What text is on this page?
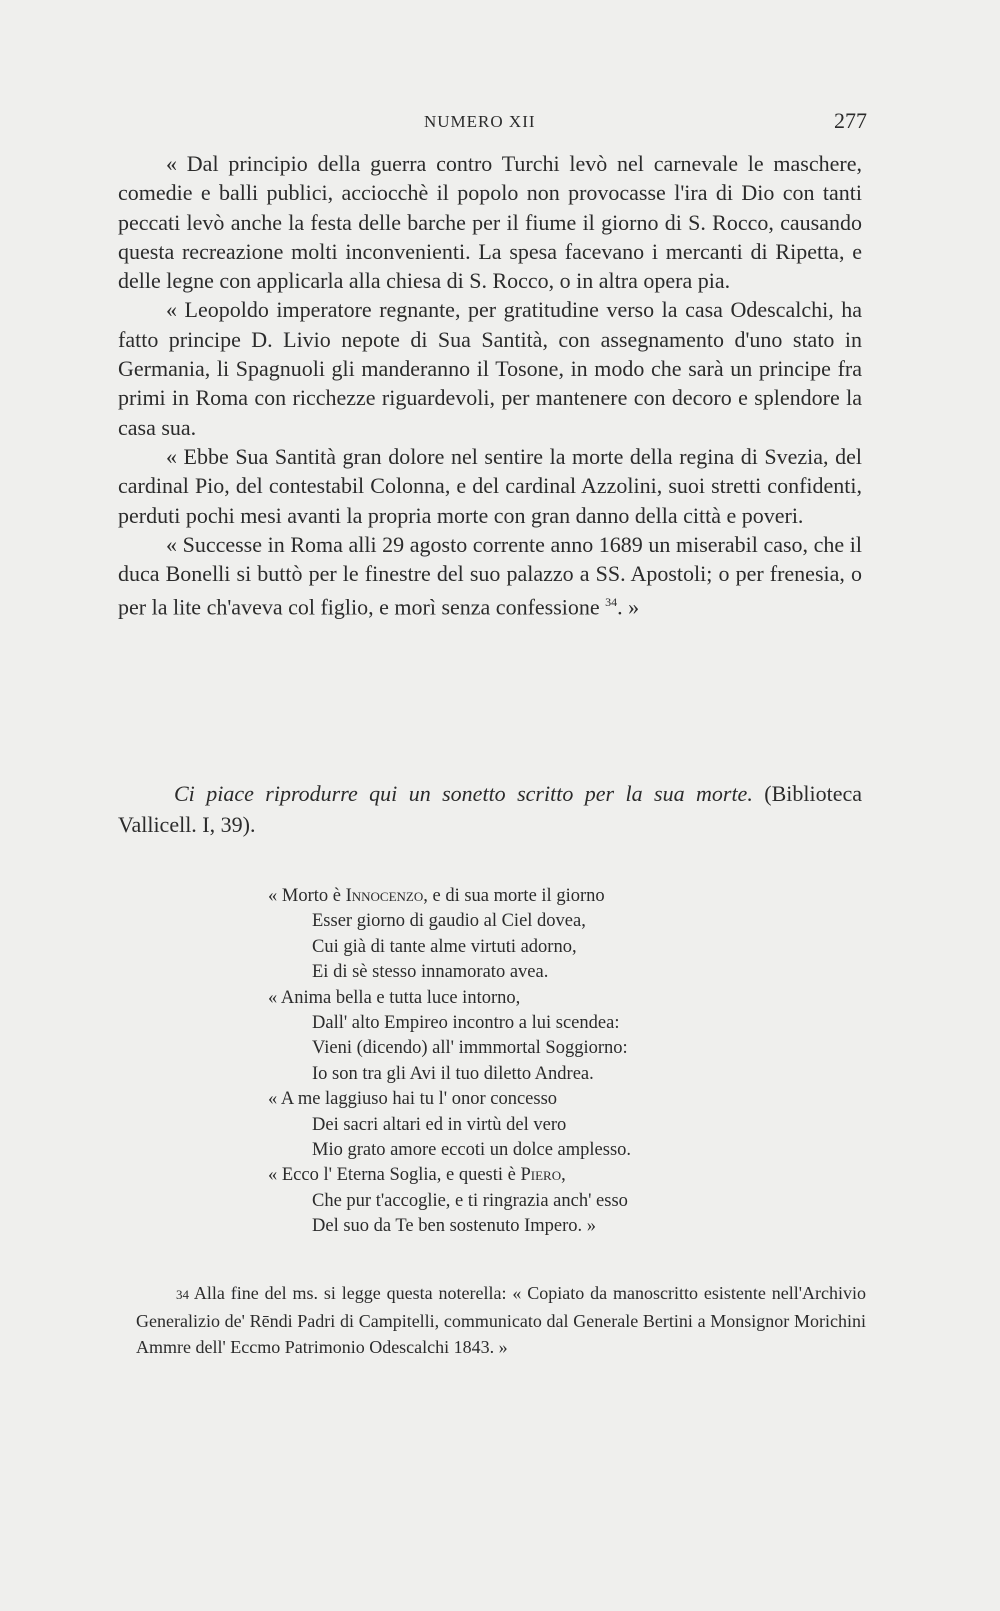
NUMERO XII	277

« Dal principio della guerra contro Turchi levò nel carnevale le maschere, comedie e balli publici, acciocchè il popolo non provocasse l'ira di Dio con tanti peccati levò anche la festa delle barche per il fiume il giorno di S. Rocco, causando questa recreazione molti inconvenienti. La spesa facevano i mercanti di Ripetta, e delle legne con applicarla alla chiesa di S. Rocco, o in altra opera pia.

« Leopoldo imperatore regnante, per gratitudine verso la casa Odescalchi, ha fatto principe D. Livio nepote di Sua Santità, con assegnamento d'uno stato in Germania, li Spagnuoli gli manderanno il Tosone, in modo che sarà un principe fra primi in Roma con ricchezze riguardevoli, per mantenere con decoro e splendore la casa sua.

« Ebbe Sua Santità gran dolore nel sentire la morte della regina di Svezia, del cardinal Pio, del contestabil Colonna, e del cardinal Azzolini, suoi stretti confidenti, perduti pochi mesi avanti la propria morte con gran danno della città e poveri.

« Successe in Roma alli 29 agosto corrente anno 1689 un miserabil caso, che il duca Bonelli si buttò per le finestre del suo palazzo a SS. Apostoli; o per frenesia, o per la lite ch'aveva col figlio, e morì senza confessione $^{34}$. »

Ci piace riprodurre qui un sonetto scritto per la sua morte. (Biblioteca Vallicell. I, 39).

« Morto è Innocenzo, e di sua morte il giorno
Esser giorno di gaudio al Ciel dovea,
Cui già di tante alme virtuti adorno,
Ei di sè stesso innamorato avea.
« Anima bella e tutta luce intorno,
Dall' alto Empireo incontro a lui scendea:
Vieni (dicendo) all' immmortal Soggiorno:
Io son tra gli Avi il tuo diletto Andrea.
« A me laggiuso hai tu l' onor concesso
Dei sacri altari ed in virtù del vero
Mio grato amore eccoti un dolce amplesso.
« Ecco l' Eterna Soglia, e questi è Piero,
Che pur t'accoglie, e ti ringrazia anch' esso
Del suo da Te ben sostenuto Impero. »

34 Alla fine del ms. si legge questa noterella: « Copiato da manoscritto esistente nell'Archivio Generalizio de' Rēndi Padri di Campitelli, communicato dal Generale Bertini a Monsignor Morichini Ammre dell' Eccmo Patrimonio Odescalchi 1843. »
